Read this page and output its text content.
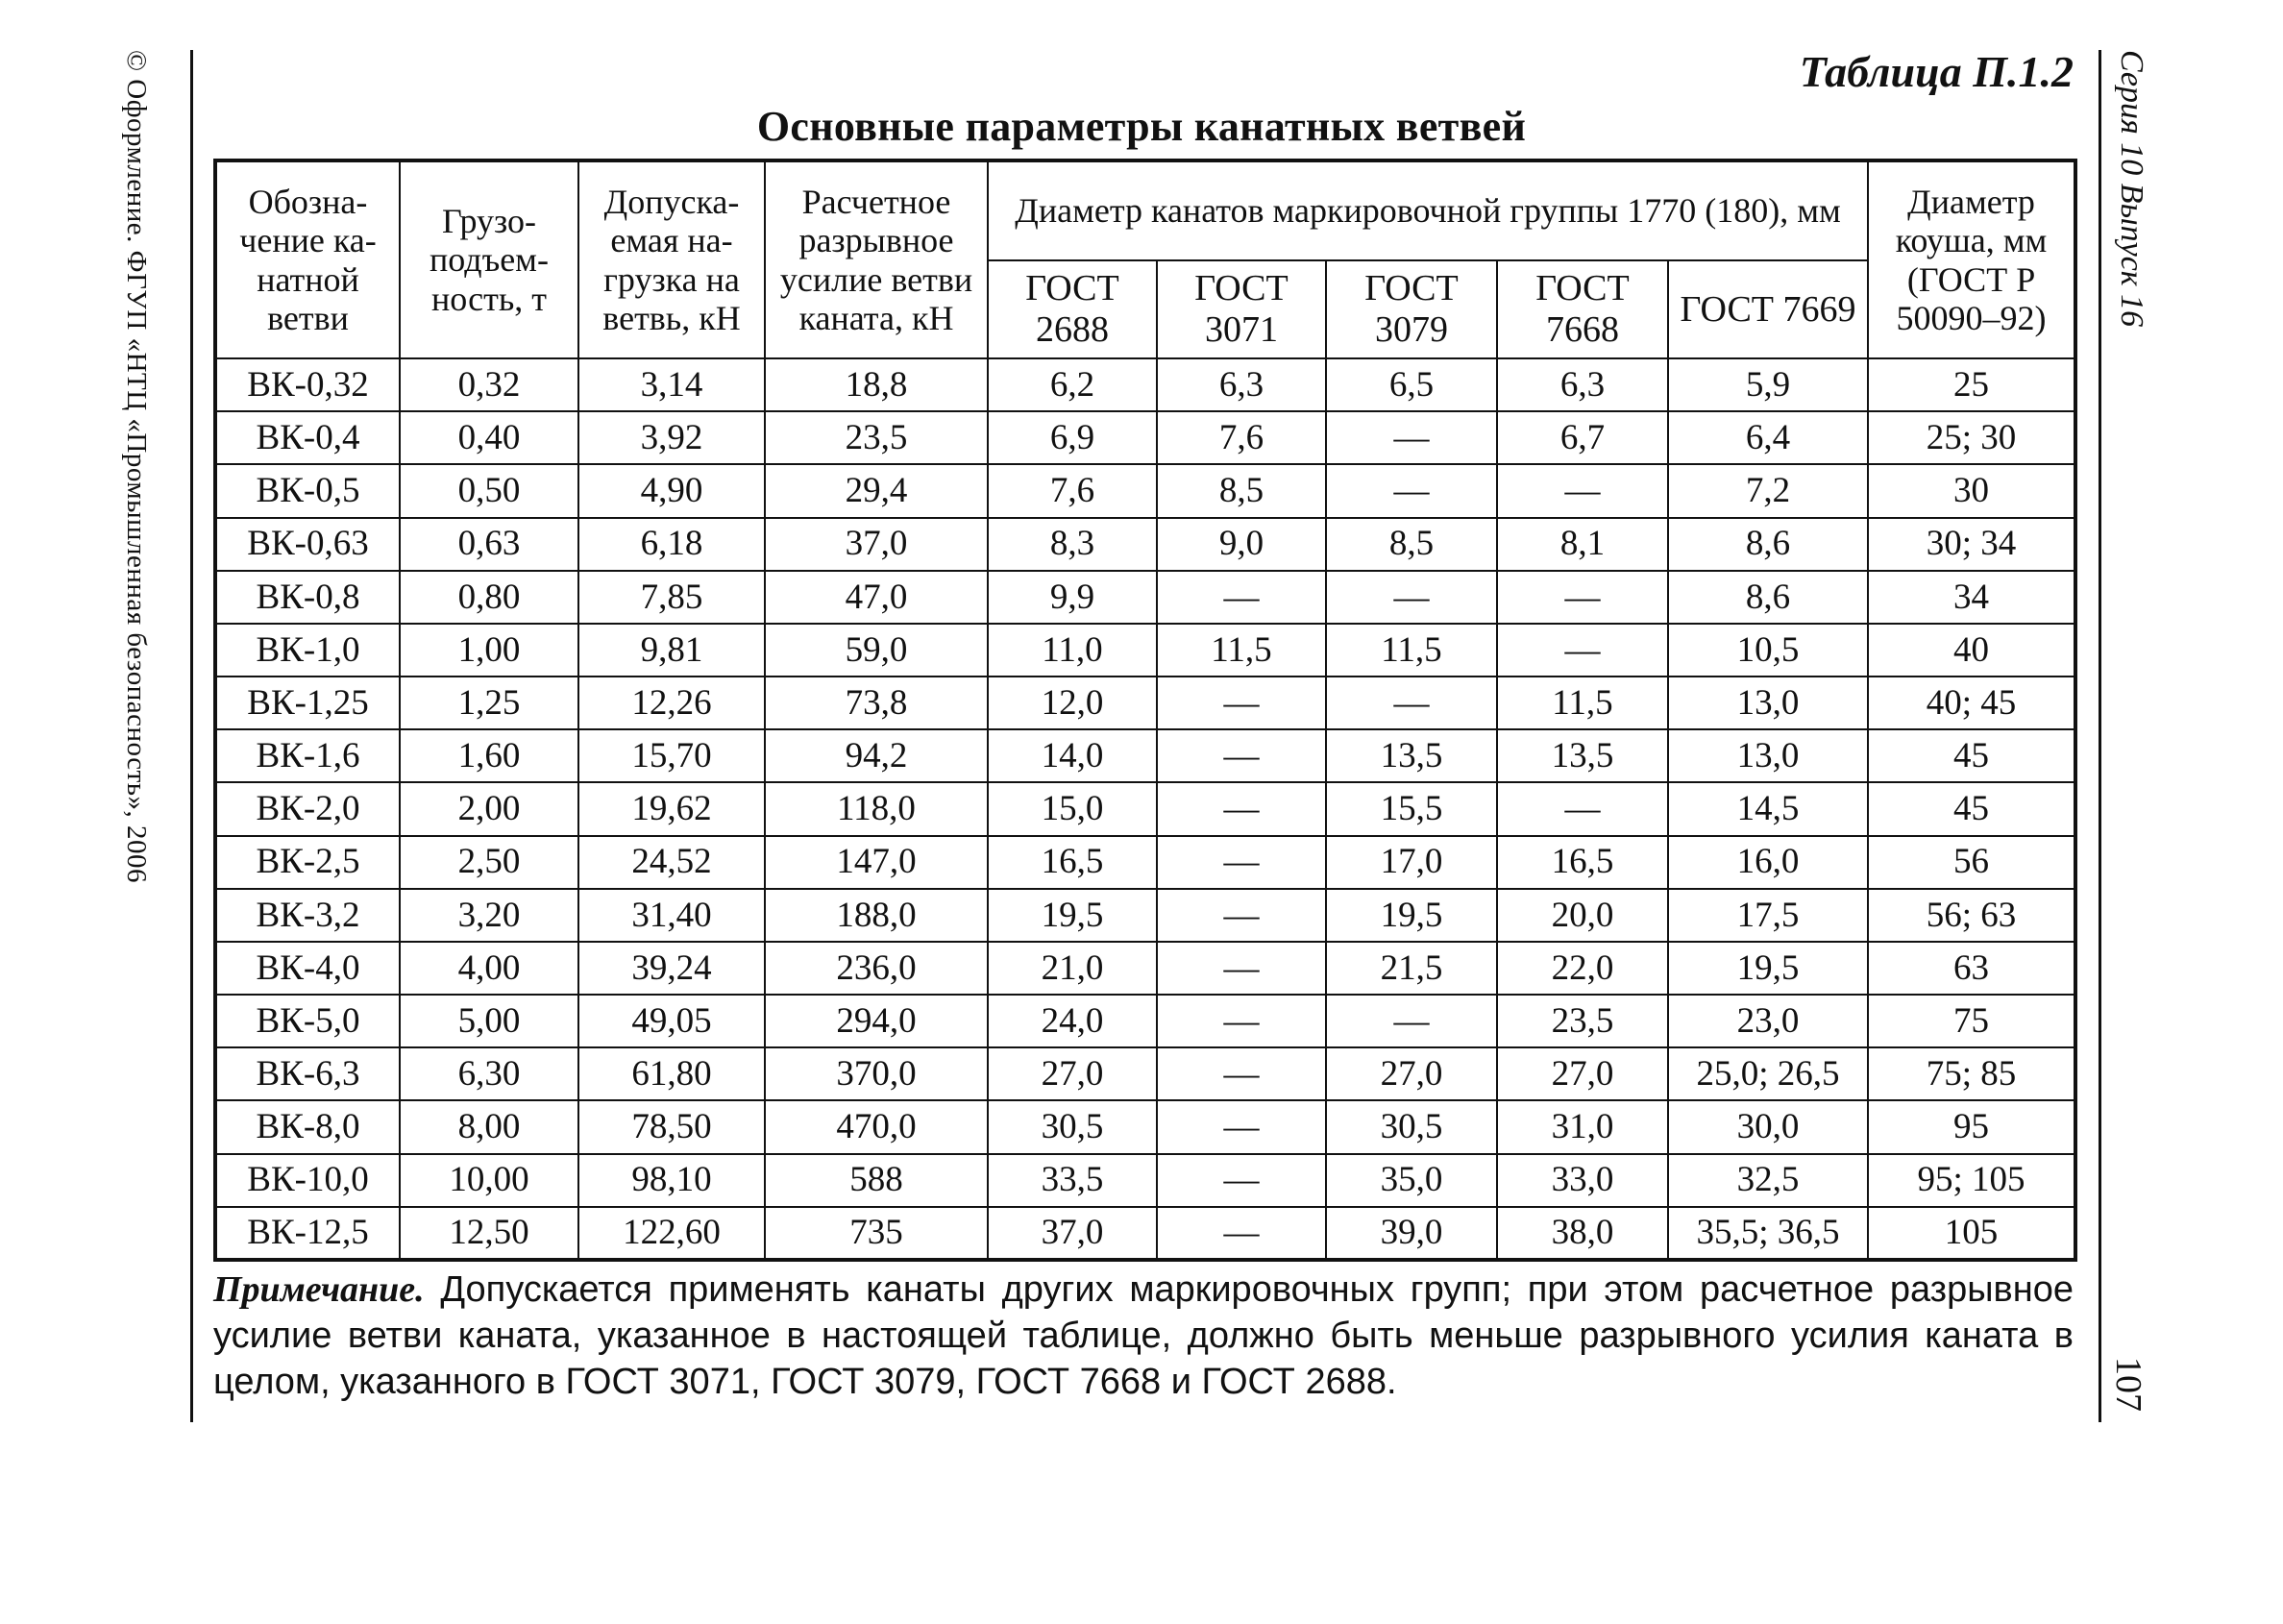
© Оформление. ФГУП «НТЦ «Промышленная безопасность», 2006	Серия 10 Выпуск 16
107
Таблица П.1.2
Основные параметры канатных ветвей
Обозна-чение ка-натной ветви	Грузо-подъем-ность, т	Допуска-емая на-грузка на ветвь, кН	Расчетное разрывное усилие ветви каната, кН	Диаметр канатов маркировочной группы 1770 (180), мм					Диаметр коуша, мм (ГОСТ Р 50090–92)
				ГОСТ 2688	ГОСТ 3071	ГОСТ 3079	ГОСТ 7668	ГОСТ 7669	
ВК-0,32	0,32	3,14	18,8	6,2	6,3	6,5	6,3	5,9	25
ВК-0,4	0,40	3,92	23,5	6,9	7,6	—	6,7	6,4	25; 30
ВК-0,5	0,50	4,90	29,4	7,6	8,5	—	—	7,2	30
ВК-0,63	0,63	6,18	37,0	8,3	9,0	8,5	8,1	8,6	30; 34
ВК-0,8	0,80	7,85	47,0	9,9	—	—	—	8,6	34
ВК-1,0	1,00	9,81	59,0	11,0	11,5	11,5	—	10,5	40
ВК-1,25	1,25	12,26	73,8	12,0	—	—	11,5	13,0	40; 45
ВК-1,6	1,60	15,70	94,2	14,0	—	13,5	13,5	13,0	45
ВК-2,0	2,00	19,62	118,0	15,0	—	15,5	—	14,5	45
ВК-2,5	2,50	24,52	147,0	16,5	—	17,0	16,5	16,0	56
ВК-3,2	3,20	31,40	188,0	19,5	—	19,5	20,0	17,5	56; 63
ВК-4,0	4,00	39,24	236,0	21,0	—	21,5	22,0	19,5	63
ВК-5,0	5,00	49,05	294,0	24,0	—	—	23,5	23,0	75
ВК-6,3	6,30	61,80	370,0	27,0	—	27,0	27,0	25,0; 26,5	75; 85
ВК-8,0	8,00	78,50	470,0	30,5	—	30,5	31,0	30,0	95
ВК-10,0	10,00	98,10	588	33,5	—	35,0	33,0	32,5	95; 105
ВК-12,5	12,50	122,60	735	37,0	—	39,0	38,0	35,5; 36,5	105
Примечание. Допускается применять канаты других маркировочных групп; при этом расчетное разрывное усилие ветви каната, указанное в настоящей таблице, должно быть меньше разрывного усилия каната в целом, указанного в ГОСТ 3071, ГОСТ 3079, ГОСТ 7668 и ГОСТ 2688.
